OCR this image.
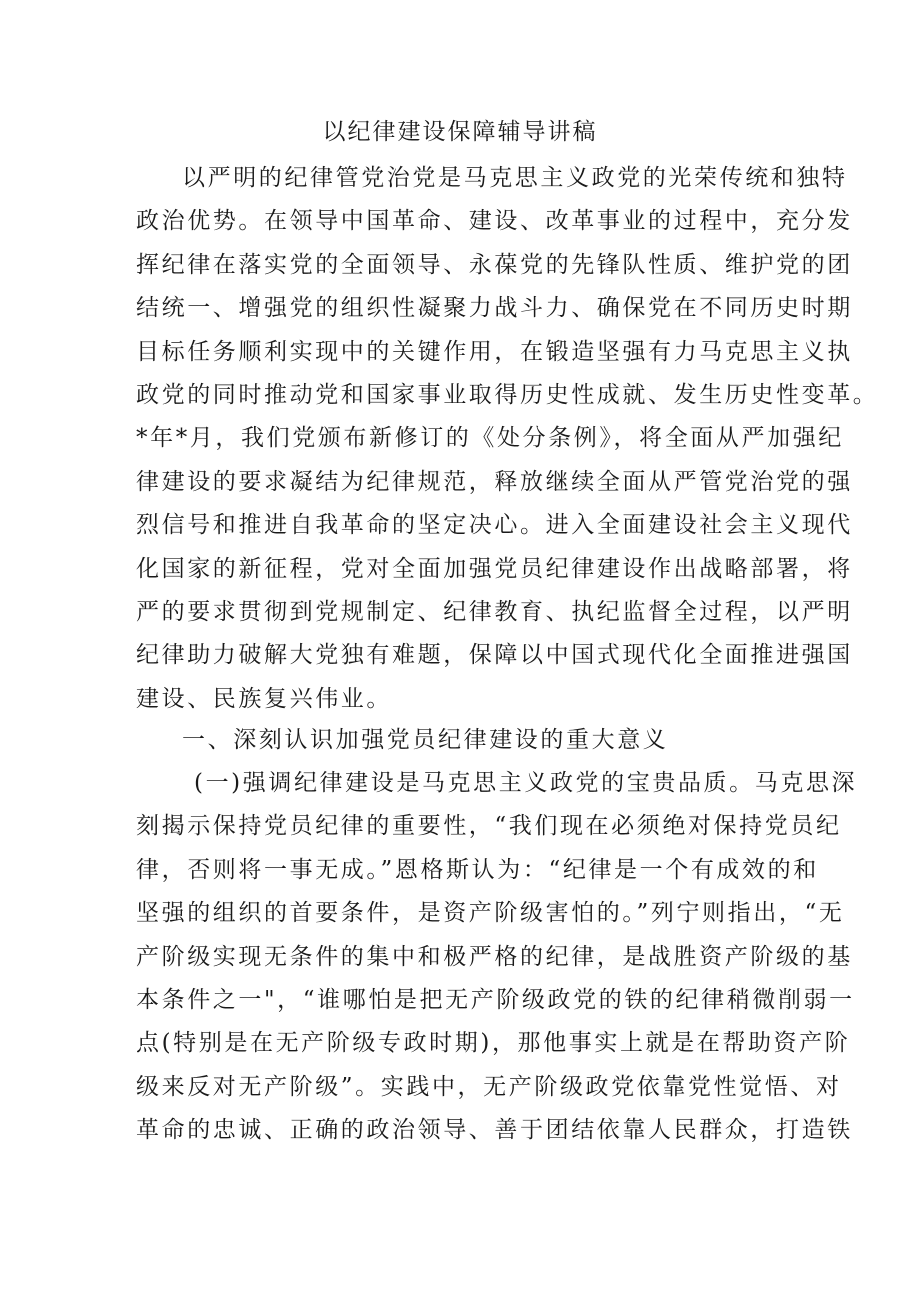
以纪律建设保障辅导讲稿
以严明的纪律管党治党是马克思主义政党的光荣传统和独特
政治优势。在领导中国革命、建设、改革事业的过程中，充分发
挥纪律在落实党的全面领导、永葆党的先锋队性质、维护党的团
结统一、增强党的组织性凝聚力战斗力、确保党在不同历史时期
目标任务顺利实现中的关键作用，在锻造坚强有力马克思主义执
政党的同时推动党和国家事业取得历史性成就、发生历史性变革。
*年*月，我们党颁布新修订的《处分条例》，将全面从严加强纪
律建设的要求凝结为纪律规范，释放继续全面从严管党治党的强
烈信号和推进自我革命的坚定决心。进入全面建设社会主义现代
化国家的新征程，党对全面加强党员纪律建设作出战略部署，将
严的要求贯彻到党规制定、纪律教育、执纪监督全过程，以严明
纪律助力破解大党独有难题，保障以中国式现代化全面推进强国
建设、民族复兴伟业。
一、深刻认识加强党员纪律建设的重大意义
(一)强调纪律建设是马克思主义政党的宝贵品质。马克思深
刻揭示保持党员纪律的重要性，“我们现在必须绝对保持党员纪
律，否则将一事无成。”恩格斯认为：“纪律是一个有成效的和
坚强的组织的首要条件，是资产阶级害怕的。”列宁则指出，“无
产阶级实现无条件的集中和极严格的纪律，是战胜资产阶级的基
本条件之一"，“谁哪怕是把无产阶级政党的铁的纪律稍微削弱一
点(特别是在无产阶级专政时期)，那他事实上就是在帮助资产阶
级来反对无产阶级”。实践中，无产阶级政党依靠党性觉悟、对
革命的忠诚、正确的政治领导、善于团结依靠人民群众，打造铁
